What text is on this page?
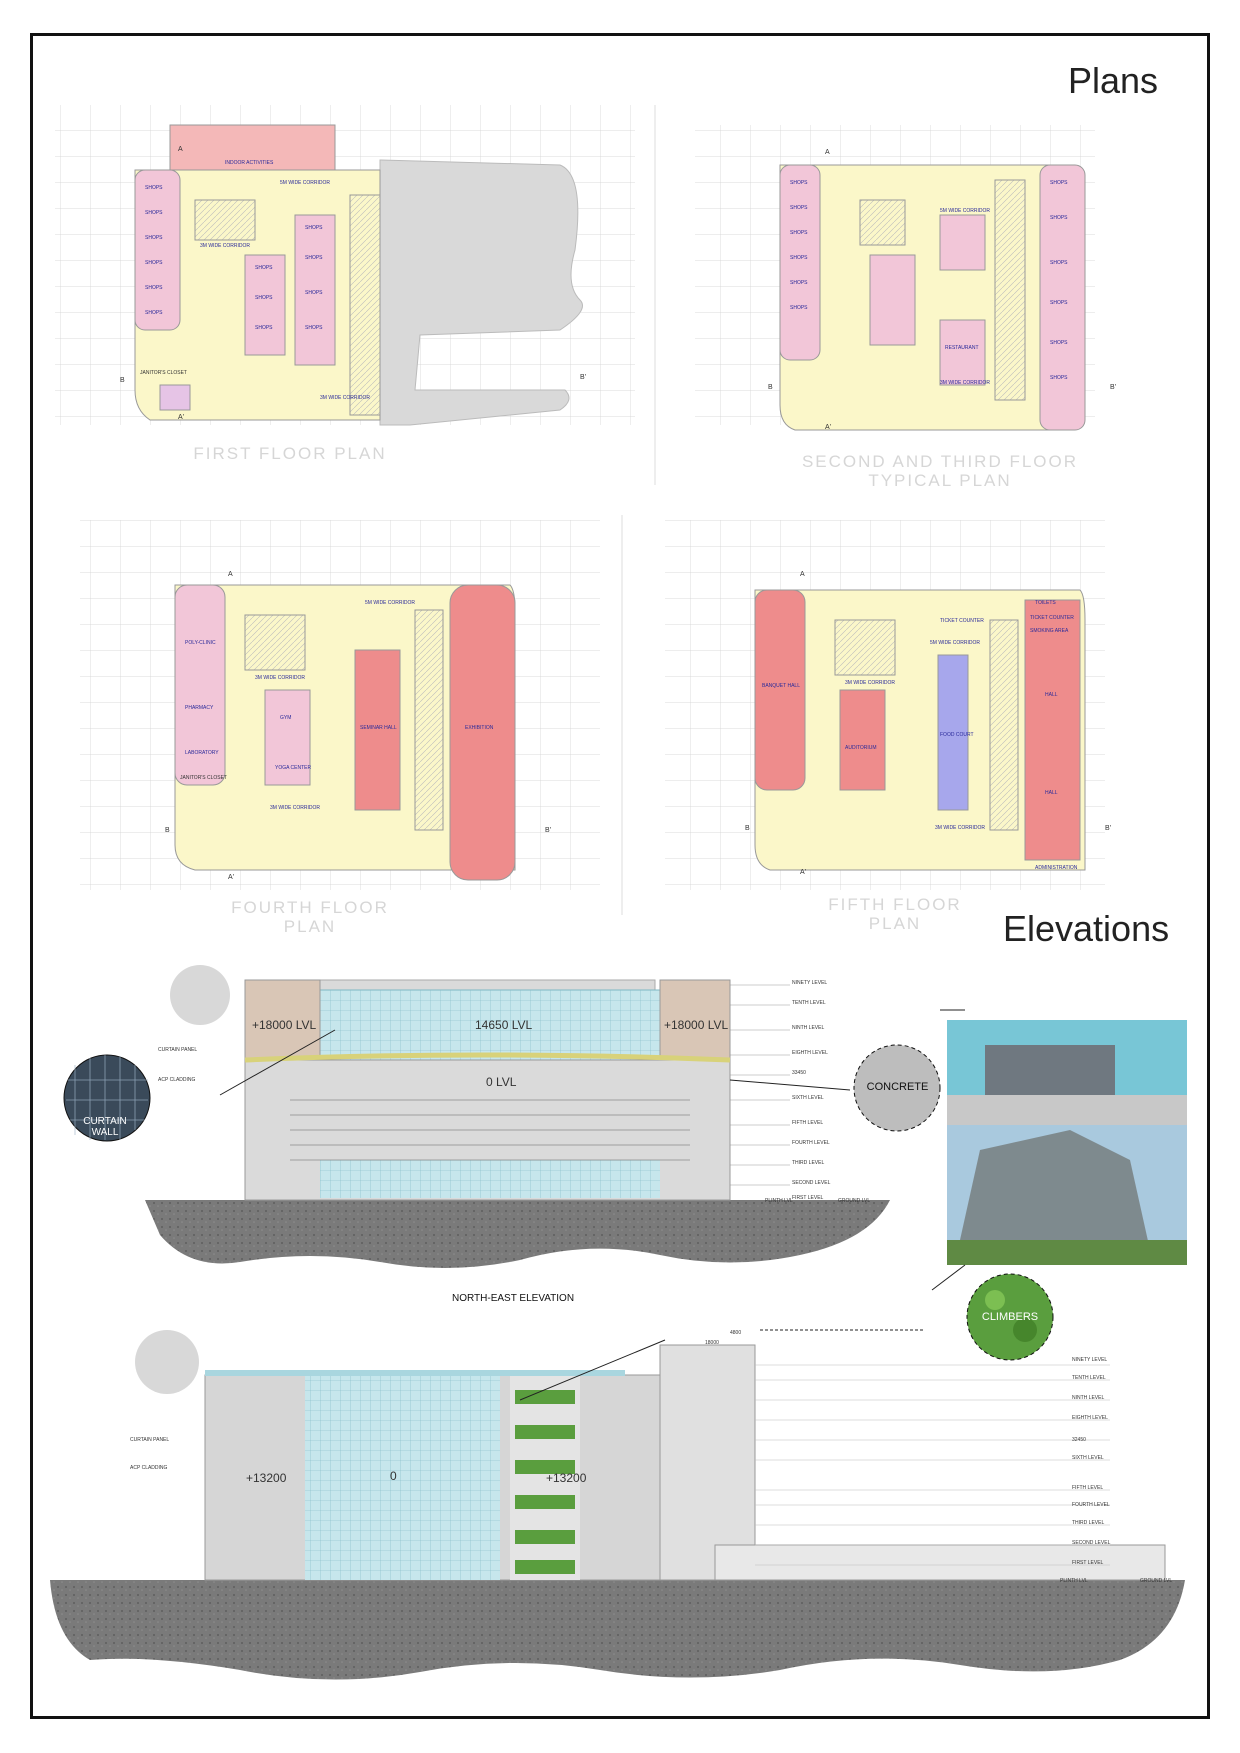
Plans
Elevations
FIRST FLOOR PLAN	SECOND AND THIRD FLOOR
TYPICAL PLAN
FOURTH FLOOR PLAN
FIFTH FLOOR PLAN
INDOOR ACTIVITIES
SHOPS
SHOPS
SHOPS
SHOPS
SHOPS
SHOPS
SHOPS
SHOPS
SHOPS
SHOPS
SHOPS
SHOPS
SHOPS
JANITOR'S CLOSET
5M WIDE CORRIDOR
3M WIDE CORRIDOR
3M WIDE CORRIDOR
SHOPS
SHOPS
SHOPS
SHOPS
SHOPS
SHOPS
SHOPS
SHOPS
SHOPS
SHOPS
SHOPS
SHOPS
RESTAURANT
5M WIDE CORRIDOR
3M WIDE CORRIDOR
POLY-CLINIC
PHARMACY
LABORATORY
GYM
YOGA CENTER
SEMINAR HALL	EXHIBITION
JANITOR'S CLOSET
5M WIDE CORRIDOR
3M WIDE CORRIDOR
3M WIDE CORRIDOR
BANQUET HALL
AUDITORIUM
FOOD COURT
TICKET COUNTER
TOILETS
SMOKING AREA
TICKET COUNTER
HALL
HALL
ADMINISTRATION
5M WIDE CORRIDOR
3M WIDE CORRIDOR
3M WIDE CORRIDOR
A
A'
B	B'
A
A'
B	B'
A
A'
B	B'
A
A'
B	B'
+18000 LVL	14650 LVL	+18000 LVL
0 LVL
CURTAIN PANEL
ACP CLADDING
NINETY LEVEL
TENTH LEVEL
NINTH LEVEL
EIGHTH LEVEL
33450
SIXTH LEVEL
FIFTH LEVEL
FOURTH LEVEL
THIRD LEVEL
SECOND LEVEL
FIRST LEVEL
PLINTH LVL	GROUND LVL
NORTH-EAST ELEVATION
CURTAIN WALL
CONCRETE
CLIMBERS
+13200	0	+13200
18000
4800
CURTAIN PANEL
ACP CLADDING
NINETY LEVEL
TENTH LEVEL
NINTH LEVEL
EIGHTH LEVEL
32450
SIXTH LEVEL
FIFTH LEVEL
FOURTH LEVEL
THIRD LEVEL
SECOND LEVEL
FIRST LEVEL
PLINTH LVL	GROUND LVL
